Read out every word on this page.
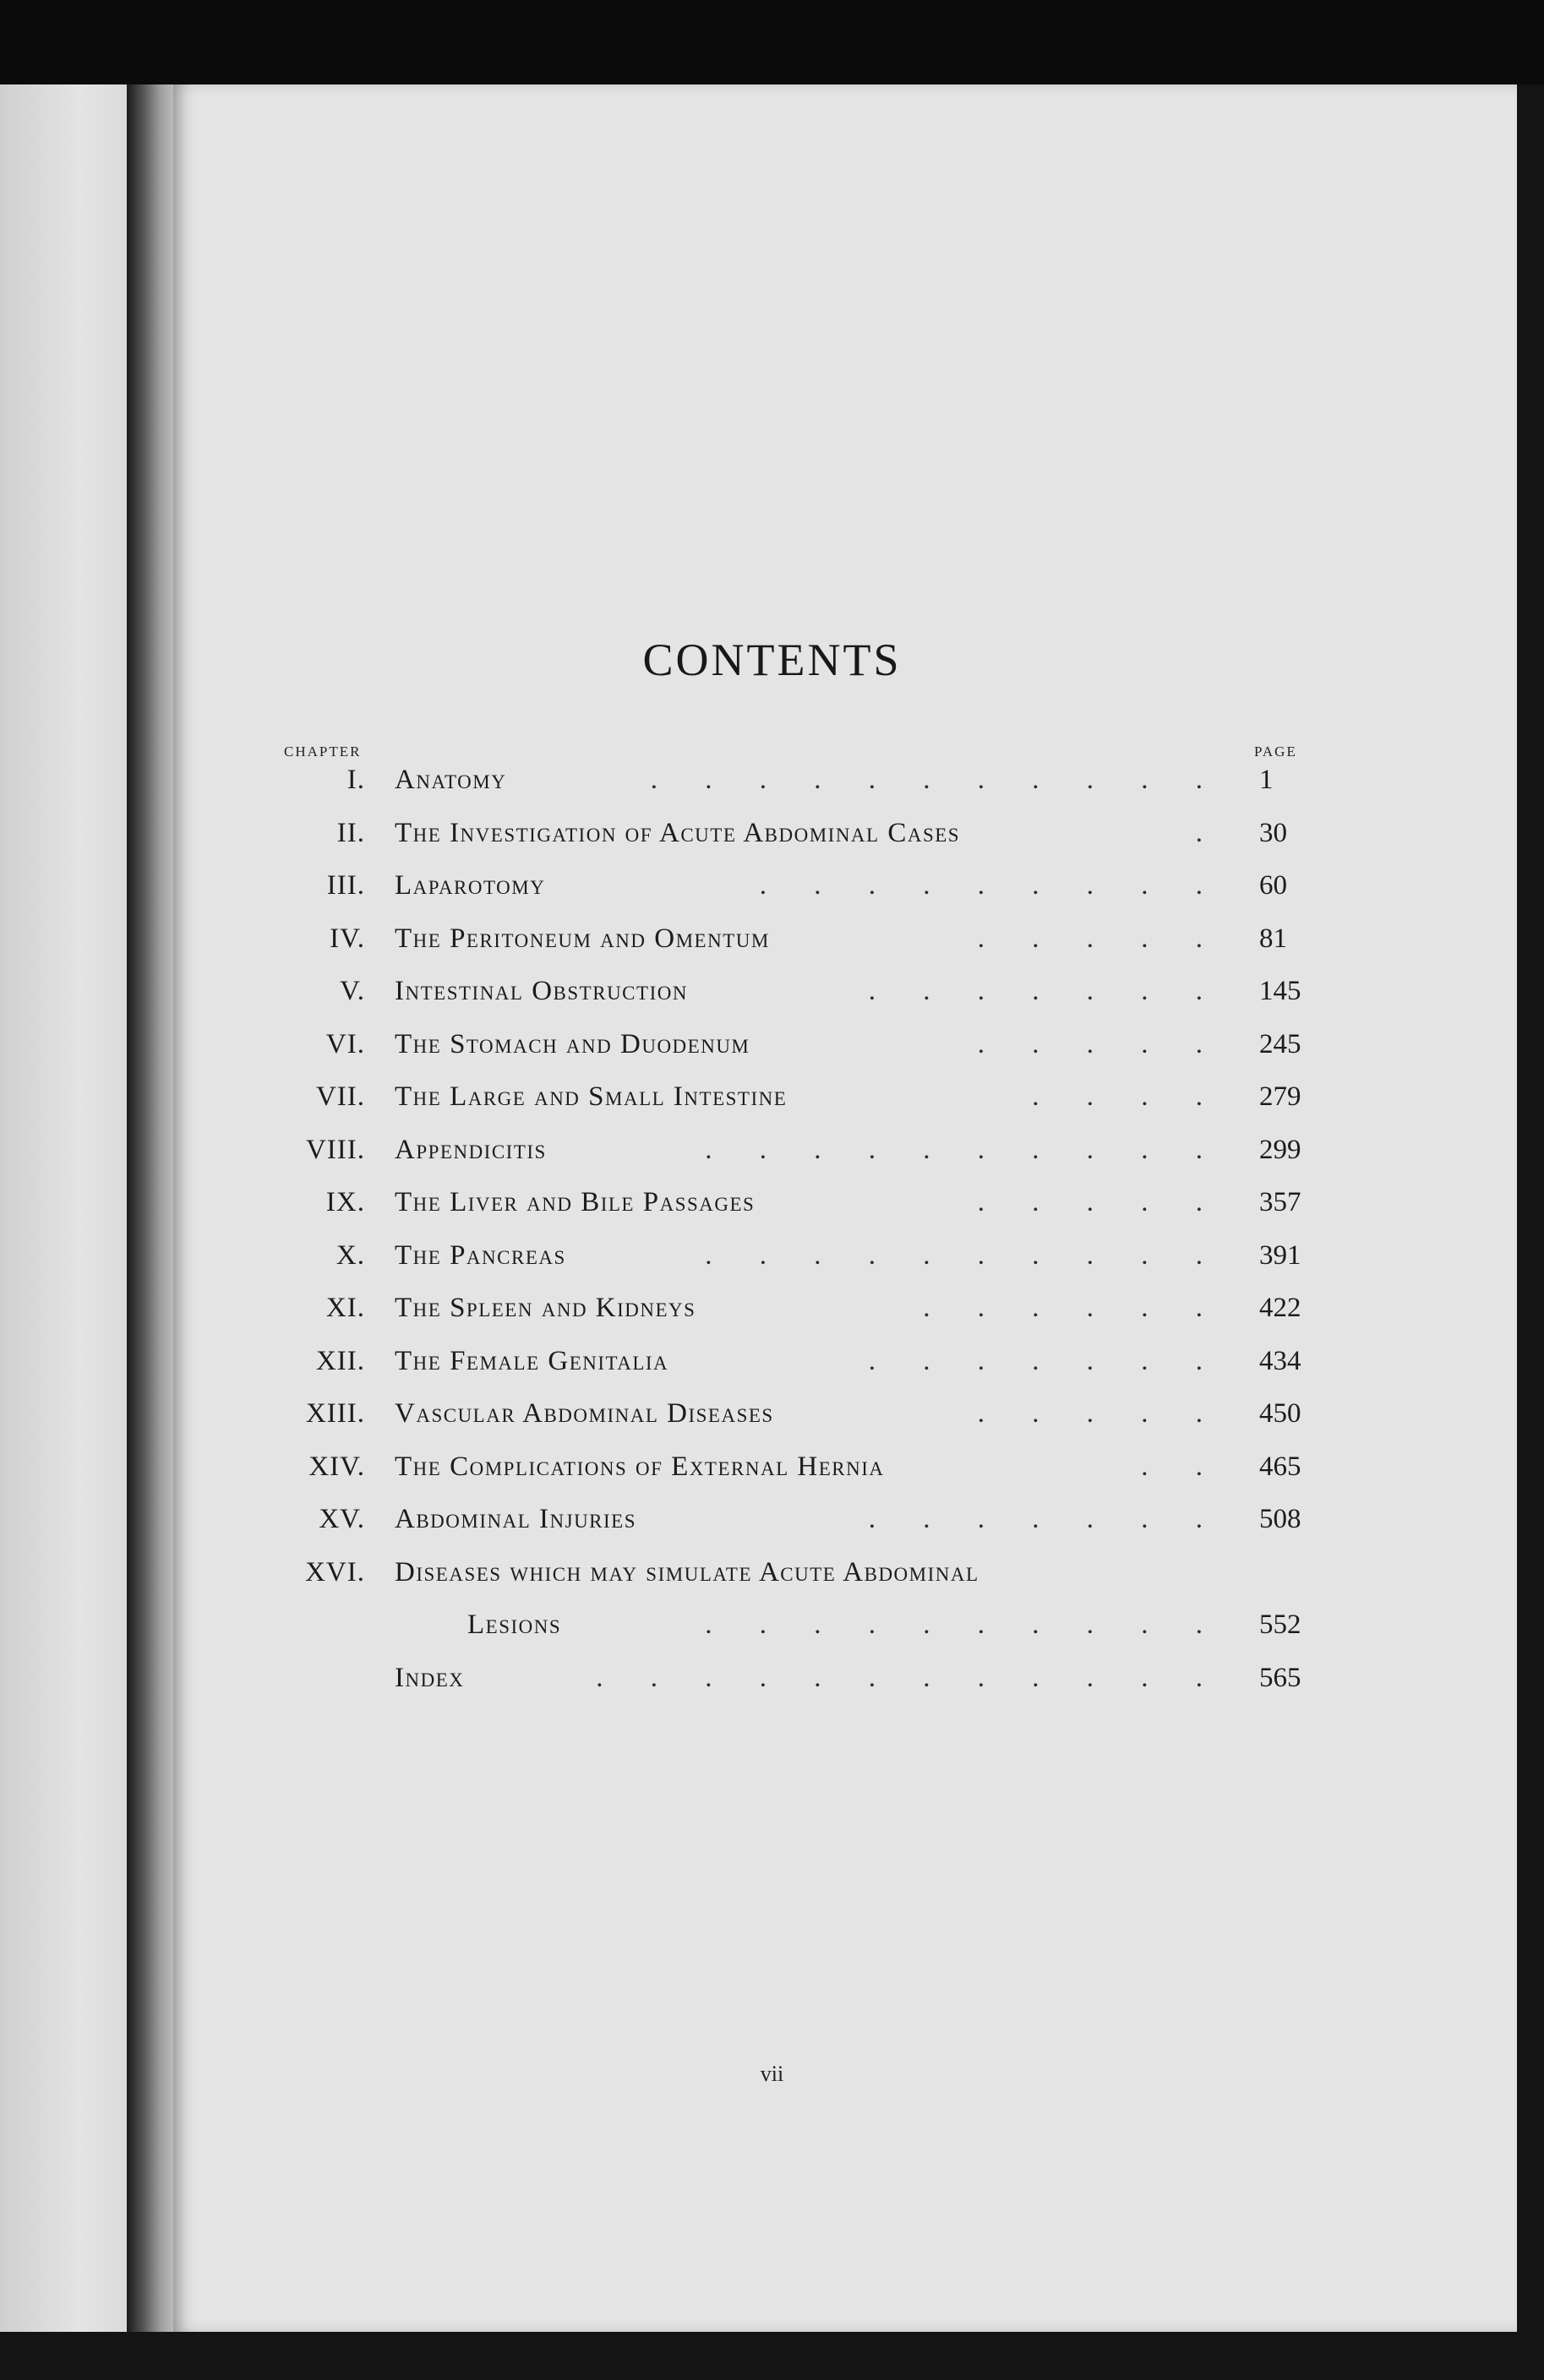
CONTENTS
CHAPTER	PAGE
I. Anatomy	. . . . . . . . . . . 1
II. The Investigation of Acute Abdominal Cases	. 30
III. Laparotomy	. . . . . . . . . 60
IV. The Peritoneum and Omentum	. . . . . 81
V. Intestinal Obstruction	. . . . . . . 145
VI. The Stomach and Duodenum	. . . . . 245
VII. The Large and Small Intestine	. . . . 279
VIII. Appendicitis	. . . . . . . . . . 299
IX. The Liver and Bile Passages	. . . . . 357
X. The Pancreas	. . . . . . . . . . 391
XI. The Spleen and Kidneys	. . . . . . 422
XII. The Female Genitalia	. . . . . . . 434
XIII. Vascular Abdominal Diseases	. . . . . 450
XIV. The Complications of External Hernia	. . 465
XV. Abdominal Injuries	. . . . . . . 508
XVI. Diseases which may simulate Acute Abdominal
Lesions	. . . . . . . . . . 552
Index	. . . . . . . . . . . . 565
vii
